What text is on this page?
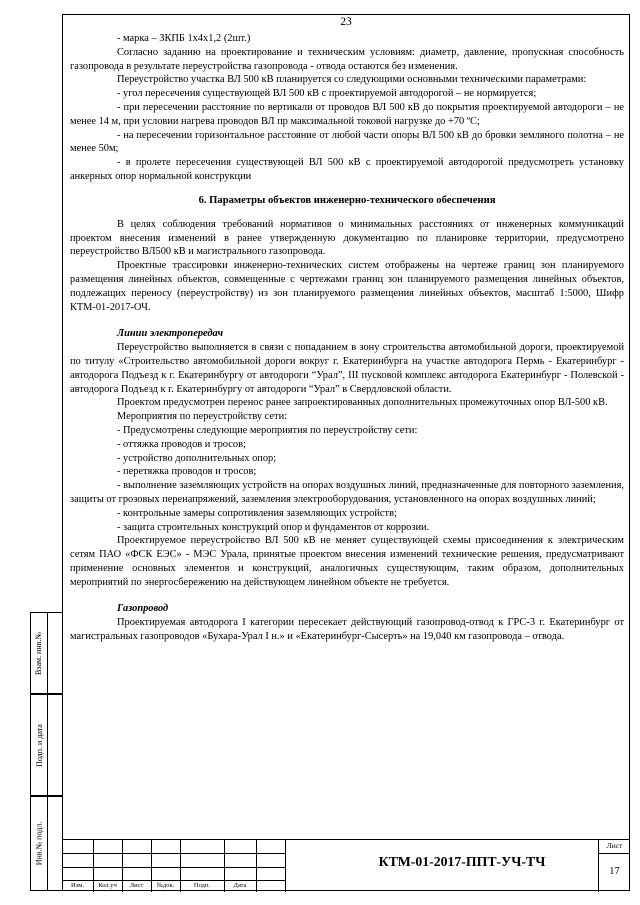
23

- марка – ЗКПБ 1х4х1,2 (2шт.)

Согласно заданию на проектирование и техническим условиям: диаметр, давление, пропускная способность газопровода в результате переустройства газопровода - отвода остаются без изменения.

Переустройство участка ВЛ 500 кВ планируется со следующими основными техническими параметрами:

- угол пересечения существующей ВЛ 500 кВ с проектируемой автодорогой – не нормируется;

- при пересечении расстояние по вертикали от проводов ВЛ 500 кВ до покрытия проектируемой автодороги – не менее 14 м, при условии нагрева проводов ВЛ пр максимальной токовой нагрузке до +70 ºС;

- на пересечении горизонтальное расстояние от любой части опоры ВЛ 500 кВ до бровки земляного полотна – не менее 50м;

- в пролете пересечения существующей ВЛ 500 кВ с проектируемой автодорогой предусмотреть установку анкерных опор нормальной конструкции

6. Параметры объектов инженерно-технического обеспечения

В целях соблюдения требований нормативов о минимальных расстояниях от инженерных коммуникаций проектом внесения изменений в ранее утвержденную документацию по планировке территории, предусмотрено переустройство ВЛ500 кВ и магистрального газопровода.

Проектные трассировки инженерно-технических систем отображены на чертеже границ зон планируемого размещения линейных объектов, совмещенные с чертежами границ зон планируемого размещения линейных объектов, подлежащих переносу (переустройству) из зон планируемого размещения линейных объектов, масштаб 1:5000, Шифр КТМ-01-2017-ОЧ.

Линии электропередач

Переустройство выполняется в связи с попаданием в зону строительства автомобильной дороги, проектируемой по титулу «Строительство автомобильной дороги вокруг г. Екатеринбурга на участке автодорога Пермь - Екатеринбург - автодорога Подъезд к г. Екатеринбургу от автодороги “Урал”, III пусковой комплекс автодорога Екатеринбург - Полевской - автодорога Подъезд к г. Екатеринбургу от автодороги “Урал” в Свердловской области.

Проектом предусмотрен перенос ранее запроектированных дополнительных промежуточных опор ВЛ-500 кВ.

Мероприятия по переустройству сети:

- Предусмотрены следующие мероприятия по переустройству сети:

- оттяжка проводов и тросов;

- устройство дополнительных опор;

- перетяжка проводов и тросов;

- выполнение заземляющих устройств на опорах воздушных линий, предназначенные для повторного заземления, защиты от грозовых перенапряжений, заземления электрооборудования, установленного на опорах воздушных линий;

- контрольные замеры сопротивления заземляющих устройств;

- защита строительных конструкций опор и фундаментов от коррозии.

Проектируемое переустройство ВЛ 500 кВ не меняет существующей схемы присоединения к электрическим сетям ПАО «ФСК ЕЭС» - МЭС Урала, принятые проектом внесения изменений технические решения, предусматривают применение основных элементов и конструкций, аналогичных существующим, таким образом, дополнительных мероприятий по энергосбережению на действующем линейном объекте не требуется.

Газопровод

Проектируемая автодорога I категории пересекает действующий газопровод-отвод к ГРС-3 г. Екатеринбург от магистральных газопроводов «Бухара-Урал I н.» и «Екатеринбург-Сысерть» на 19,040 км газопровода – отвода.

Взам. инв.№
Подп. и дата
Инв.№ подл.
Изм.	Кол.уч	Лист	№док.	Подп.	Дата
КТМ-01-2017-ППТ-УЧ-ТЧ
Лист
17
